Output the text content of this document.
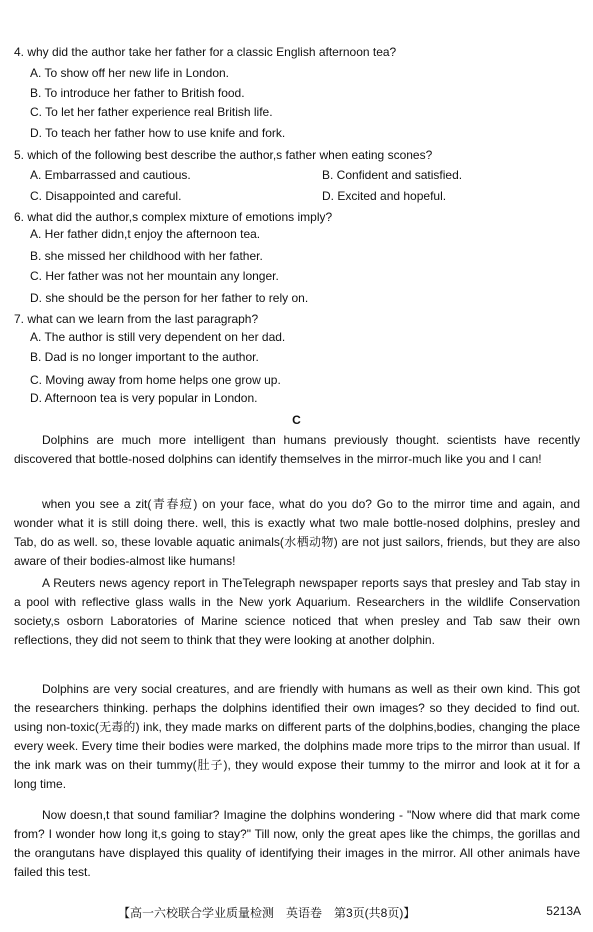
4. why did the author take her father for a classic English afternoon tea?
A. To show off her new life in London.
B. To introduce her father to British food.
C. To let her father experience real British life.
D. To teach her father how to use knife and fork.
5. which of the following best describe the author,s father when eating scones?
A. Embarrassed and cautious.	B. Confident and satisfied.
C. Disappointed and careful.	D. Excited and hopeful.
6. what did the author,s complex mixture of emotions imply?
A. Her father didn,t enjoy the afternoon tea.
B. she missed her childhood with her father.
C. Her father was not her mountain any longer.
D. she should be the person for her father to rely on.
7. what can we learn from the last paragraph?
A. The author is still very dependent on her dad.
B. Dad is no longer important to the author.
C. Moving away from home helps one grow up.
D. Afternoon tea is very popular in London.
C

Dolphins are much more intelligent than humans previously thought. scientists have recently discovered that bottle-nosed dolphins can identify themselves in the mirror-much like you and I can!

when you see a zit(青春痘) on your face, what do you do? Go to the mirror time and again, and wonder what it is still doing there. well, this is exactly what two male bottle-nosed dolphins, presley and Tab, do as well. so, these lovable aquatic animals(水栖动物) are not just sailors, friends, but they are also aware of their bodies-almost like humans!

A Reuters news agency report in TheTelegraph newspaper reports says that presley and Tab stay in a pool with reflective glass walls in the New york Aquarium. Researchers in the wildlife Conservation society,s osborn Laboratories of Marine science noticed that when presley and Tab saw their own reflections, they did not seem to think that they were looking at another dolphin.

Dolphins are very social creatures, and are friendly with humans as well as their own kind. This got the researchers thinking. perhaps the dolphins identified their own images? so they decided to find out. using non-toxic(无毒的) ink, they made marks on different parts of the dolphins,bodies, changing the place every week. Every time their bodies were marked, the dolphins made more trips to the mirror than usual. If the ink mark was on their tummy(肚子), they would expose their tummy to the mirror and look at it for a long time.

Now doesn,t that sound familiar? Imagine the dolphins wondering - "Now where did that mark come from? I wonder how long it,s going to stay?" Till now, only the great apes like the chimps, the gorillas and the orangutans have displayed this quality of identifying their images in the mirror. All other animals have failed this test.

【高一六校联合学业质量检测　英语卷　第3页(共8页)】	5213A
